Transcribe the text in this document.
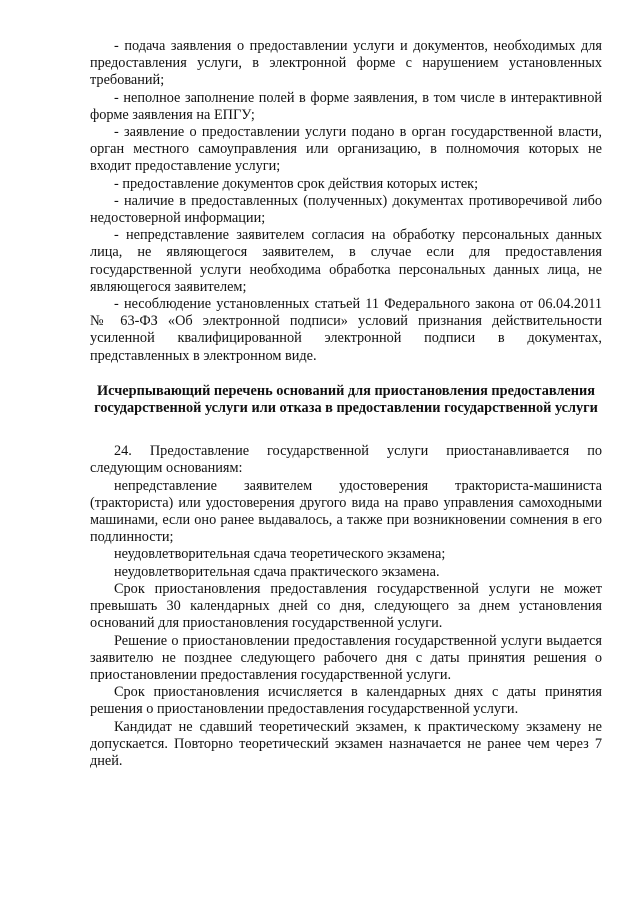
- подача заявления о предоставлении услуги и документов, необходимых для предоставления услуги, в электронной форме с нарушением установленных требований;

- неполное заполнение полей в форме заявления, в том числе в интерактивной форме заявления на ЕПГУ;

- заявление о предоставлении услуги подано в орган государственной власти, орган местного самоуправления или организацию, в полномочия которых не входит предоставление услуги;

- предоставление документов срок действия которых истек;

- наличие в предоставленных (полученных) документах противоречивой либо недостоверной информации;

- непредставление заявителем согласия на обработку персональных данных лица, не являющегося заявителем, в случае если для предоставления государственной услуги необходима обработка персональных данных лица, не являющегося заявителем;

- несоблюдение установленных статьей 11 Федерального закона от 06.04.2011 № 63-ФЗ «Об электронной подписи» условий признания действительности усиленной квалифицированной электронной подписи в документах, представленных в электронном виде.

Исчерпывающий перечень оснований для приостановления предоставления государственной услуги или отказа в предоставлении государственной услуги

24. Предоставление государственной услуги приостанавливается по следующим основаниям:

непредставление заявителем удостоверения тракториста-машиниста (тракториста) или удостоверения другого вида на право управления самоходными машинами, если оно ранее выдавалось, а также при возникновении сомнения в его подлинности;

неудовлетворительная сдача теоретического экзамена;

неудовлетворительная сдача практического экзамена.

Срок приостановления предоставления государственной услуги не может превышать 30 календарных дней со дня, следующего за днем установления оснований для приостановления государственной услуги.

Решение о приостановлении предоставления государственной услуги выдается заявителю не позднее следующего рабочего дня с даты принятия решения о приостановлении предоставления государственной услуги.

Срок приостановления исчисляется в календарных днях с даты принятия решения о приостановлении предоставления государственной услуги.

Кандидат не сдавший теоретический экзамен, к практическому экзамену не допускается. Повторно теоретический экзамен назначается не ранее чем через 7 дней.
